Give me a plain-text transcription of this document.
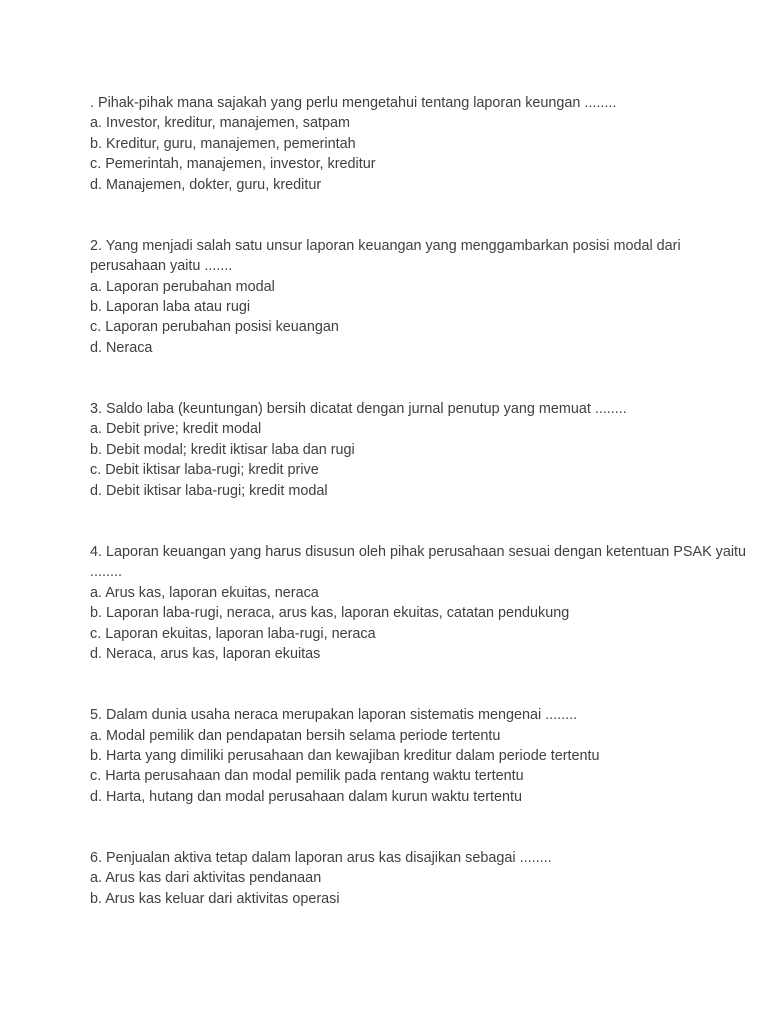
. Pihak-pihak mana sajakah yang perlu mengetahui tentang laporan keungan ........
a. Investor, kreditur, manajemen, satpam
b. Kreditur, guru, manajemen, pemerintah
c. Pemerintah, manajemen, investor, kreditur
d. Manajemen, dokter, guru, kreditur
2. Yang menjadi salah satu unsur laporan keuangan yang menggambarkan posisi modal dari perusahaan yaitu .......
a. Laporan perubahan modal
b. Laporan laba atau rugi
c. Laporan perubahan posisi keuangan
d. Neraca
3. Saldo laba (keuntungan) bersih dicatat dengan jurnal penutup yang memuat ........
a. Debit prive; kredit modal
b. Debit modal; kredit iktisar laba dan rugi
c. Debit iktisar laba-rugi; kredit prive
d. Debit iktisar laba-rugi; kredit modal
4. Laporan keuangan yang harus disusun oleh pihak perusahaan sesuai dengan ketentuan PSAK yaitu ........
a. Arus kas, laporan ekuitas, neraca
b. Laporan laba-rugi, neraca, arus kas, laporan ekuitas, catatan pendukung
c. Laporan ekuitas, laporan laba-rugi, neraca
d. Neraca, arus kas, laporan ekuitas
5. Dalam dunia usaha neraca merupakan laporan sistematis mengenai ........
a. Modal pemilik dan pendapatan bersih selama periode tertentu
b. Harta yang dimiliki perusahaan dan kewajiban kreditur dalam periode tertentu
c. Harta perusahaan dan modal pemilik pada rentang waktu tertentu
d. Harta, hutang dan modal perusahaan dalam kurun waktu tertentu
6. Penjualan aktiva tetap dalam laporan arus kas disajikan sebagai ........
a. Arus kas dari aktivitas pendanaan
b. Arus kas keluar dari aktivitas operasi
